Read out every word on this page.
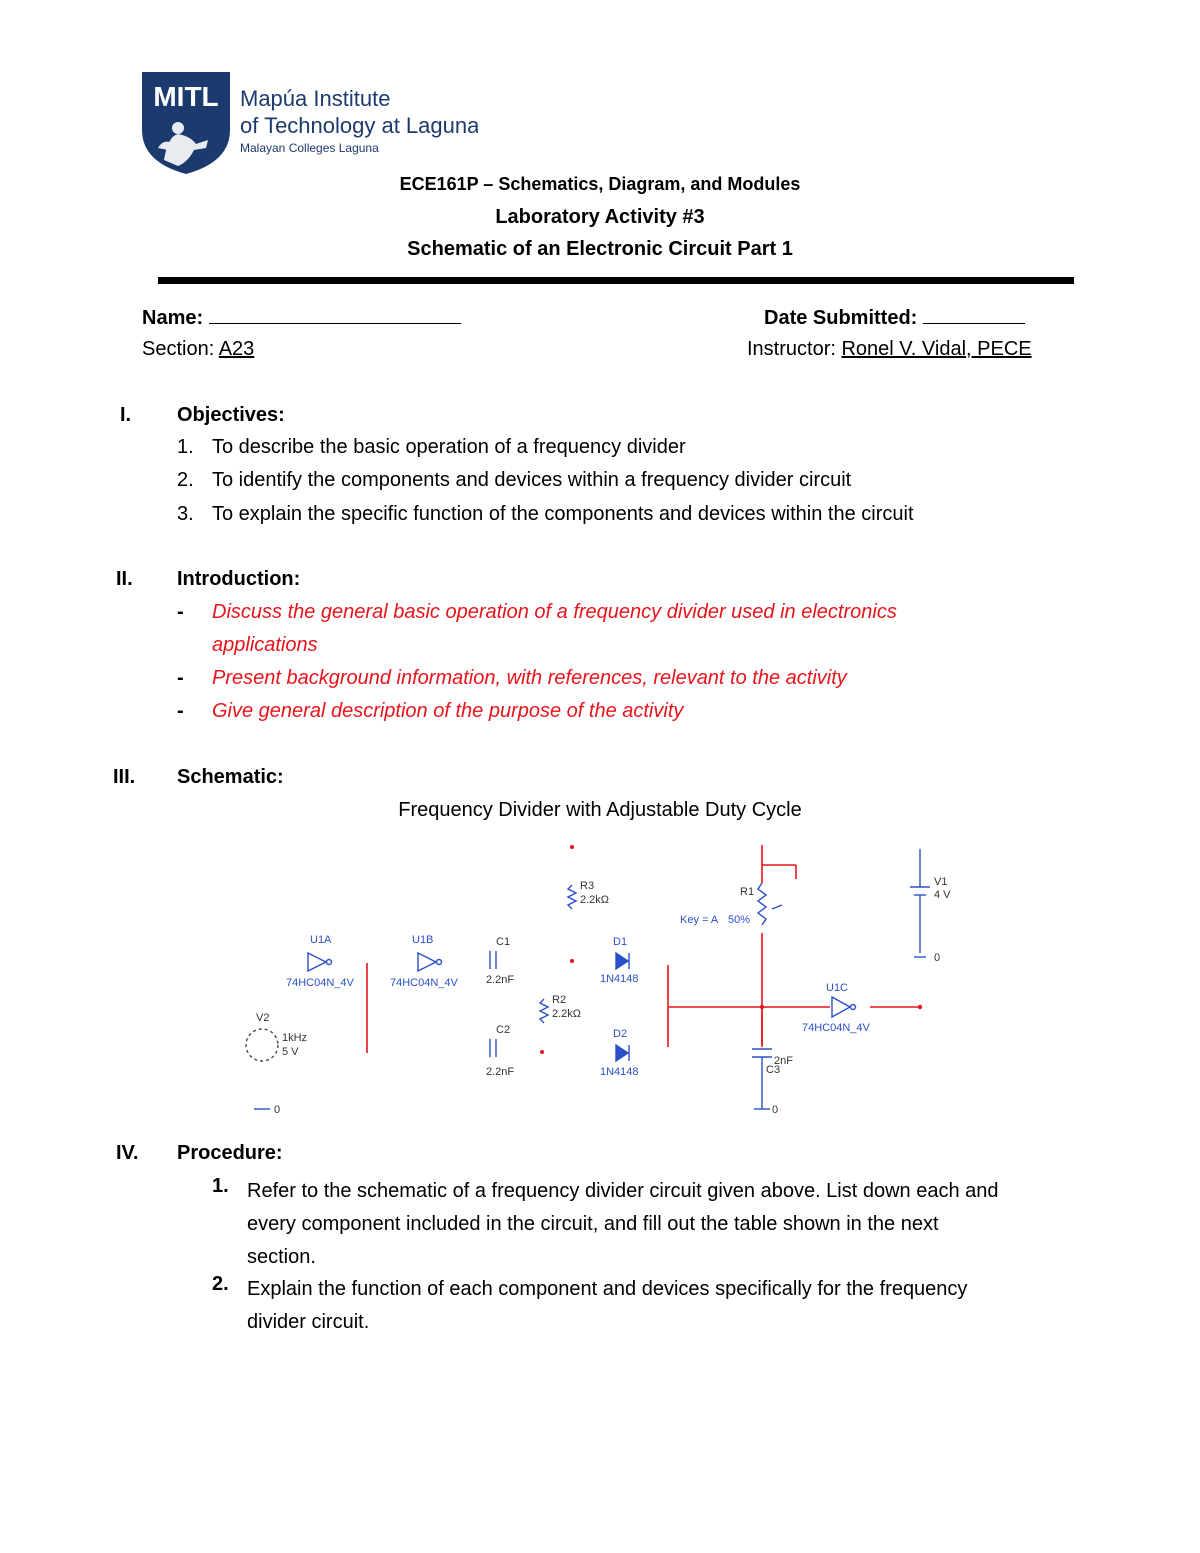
MITL Mapúa Institute
of Technology at Laguna
Malayan Colleges Laguna
ECE161P – Schematics, Diagram, and Modules
Laboratory Activity #3
Schematic of an Electronic Circuit Part 1
Name:	Date Submitted:
Section: A23	Instructor: Ronel V. Vidal, PECE
I. Objectives:
1. To describe the basic operation of a frequency divider
2. To identify the components and devices within a frequency divider circuit
3. To explain the specific function of the components and devices within the circuit
II. Introduction:
- Discuss the general basic operation of a frequency divider used in electronics
applications
- Present background information, with references, relevant to the activity
- Give general description of the purpose of the activity
III. Schematic:
Frequency Divider with Adjustable Duty Cycle
U1A
74HC04N_4V
U1B
74HC04N_4V	U1C
74HC04N_4V
C1
2.2nF
C2
2.2nF	C3
2nF
R3
2.2kΩ
R2
2.2kΩ
R1
Key = A 50%
D1
1N4148
D2
1N4148
V1
4 V
0
V2
1kHz
5 V
0	0
IV. Procedure:
1. Refer to the schematic of a frequency divider circuit given above. List down each and
every component included in the circuit, and fill out the table shown in the next
section.
2. Explain the function of each component and devices specifically for the frequency
divider circuit.
